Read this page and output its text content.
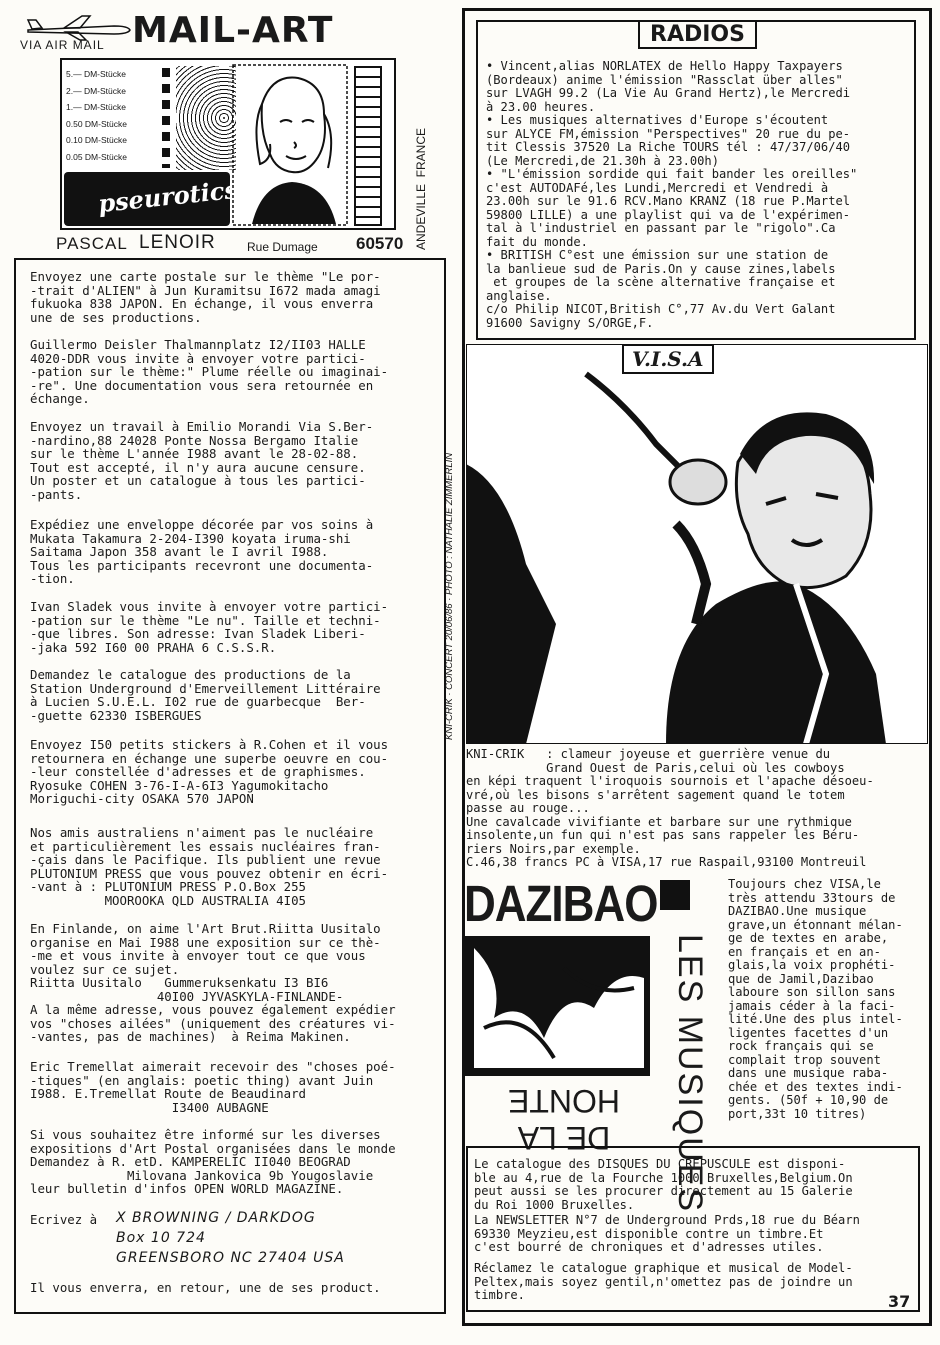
VIA AIR MAIL MAIL-ART
5.— DM-Stücke
2.— DM-Stücke
1.— DM-Stücke
0.50 DM-Stücke
0.10 DM-Stücke
0.05 DM-Stücke
pseurotics
FRANCE
ANDEVILLE
PASCAL LENOIR	Rue Dumage 60570
Envoyez une carte postale sur le thème "Le por-
-trait d'ALIEN" à Jun Kuramitsu I672 mada amagi
fukuoka 838 JAPON. En échange, il vous enverra
une de ses productions.
Guillermo Deisler Thalmannplatz I2/II03 HALLE
4020-DDR vous invite à envoyer votre partici-
-pation sur le thème:" Plume réelle ou imaginai-
-re". Une documentation vous sera retournée en
échange.
Envoyez un travail à Emilio Morandi Via S.Ber-
-nardino,88 24028 Ponte Nossa Bergamo Italie
sur le thème L'année I988 avant le 28-02-88.
Tout est accepté, il n'y aura aucune censure.
Un poster et un catalogue à tous les partici-
-pants.
Expédiez une enveloppe décorée par vos soins à
Mukata Takamura 2-204-I390 koyata iruma-shi
Saitama Japon 358 avant le I avril I988.
Tous les participants recevront une documenta-
-tion.
Ivan Sladek vous invite à envoyer votre partici-
-pation sur le thème "Le nu". Taille et techni-
-que libres. Son adresse: Ivan Sladek Liberi-
-jaka 592 I60 00 PRAHA 6 C.S.S.R.
Demandez le catalogue des productions de la
Station Underground d'Emerveillement Littéraire
à Lucien S.U.E.L. I02 rue de guarbecque  Ber-
-guette 62330 ISBERGUES
Envoyez I50 petits stickers à R.Cohen et il vous
retournera en échange une superbe oeuvre en cou-
-leur constellée d'adresses et de graphismes.
Ryosuke COHEN 3-76-I-A-6I3 Yagumokitacho
Moriguchi-city OSAKA 570 JAPON
Nos amis australiens n'aiment pas le nucléaire
et particulièrement les essais nucléaires fran-
-çais dans le Pacifique. Ils publient une revue
PLUTONIUM PRESS que vous pouvez obtenir en écri-
-vant à : PLUTONIUM PRESS P.O.Box 255
MOOROOKA QLD AUSTRALIA 4I05
En Finlande, on aime l'Art Brut.Riitta Uusitalo
organise en Mai I988 une exposition sur ce thè-
-me et vous invite à envoyer tout ce que vous
voulez sur ce sujet.
Riitta Uusitalo   Gummeruksenkatu I3 BI6
40I00 JYVASKYLA-FINLANDE-
A la même adresse, vous pouvez également expédier
vos "choses ailées" (uniquement des créatures vi-
-vantes, pas de machines)  à Reima Makinen.
Eric Tremellat aimerait recevoir des "choses poé-
-tiques" (en anglais: poetic thing) avant Juin
I988. E.Tremellat Route de Beaudinard
I3400 AUBAGNE
Si vous souhaitez être informé sur les diverses
expositions d'Art Postal organisées dans le monde
Demandez à R. etD. KAMPERELIC II040 BEOGRAD
Milovana Jankovica 9b Yougoslavie
leur bulletin d'infos OPEN WORLD MAGAZINE.
Ecrivez à X BROWNING / DARKDOG
Box 10 724
GREENSBORO NC 27404 USA
Il vous enverra, en retour, une de ses product.
RADIOS
• Vincent,alias NORLATEX de Hello Happy Taxpayers
(Bordeaux) anime l'émission "Rassclat über alles"
sur LVAGH 99.2 (La Vie Au Grand Hertz),le Mercredi
à 23.00 heures.
• Les musiques alternatives d'Europe s'écoutent
sur ALYCE FM,émission "Perspectives" 20 rue du pe-
tit Clessis 37520 La Riche TOURS tél : 47/37/06/40
(Le Mercredi,de 21.30h à 23.00h)
• "L'émission sordide qui fait bander les oreilles"
c'est AUTODAFé,les Lundi,Mercredi et Vendredi à
23.00h sur le 91.6 RCV.Mano KRANZ (18 rue P.Martel
59800 LILLE) a une playlist qui va de l'expérimen-
tal à l'industriel en passant par le "rigolo".Ca
fait du monde.
• BRITISH C°est une émission sur une station de
la banlieue sud de Paris.On y cause zines,labels
et groupes de la scène alternative française et
anglaise.
c/o Philip NICOT,British C°,77 Av.du Vert Galant
91600 Savigny S/ORGE,F.
KNI-CRIK · CONCERT 20/06/86 · PHOTO : NATHALIE ZIMMERLIN
V.I.S.A
KNI-CRIK   : clameur joyeuse et guerrière venue du
Grand Ouest de Paris,celui où les cowboys
en képi traquent l'iroquois sournois et l'apache désoeu-
vré,où les bisons s'arrêtent sagement quand le totem
passe au rouge...
Une cavalcade vivifiante et barbare sur une rythmique
insolente,un fun qui n'est pas sans rappeler les Béru-
riers Noirs,par exemple.
C.46,38 francs PC à VISA,17 rue Raspail,93100 Montreuil
DAZIBAO
LES MUSIQUES
DE LA HONTE
Toujours chez VISA,le
très attendu 33tours de
DAZIBAO.Une musique
grave,un étonnant mélan-
ge de textes en arabe,
en français et en an-
glais,la voix prophéti-
que de Jamil,Dazibao
laboure son sillon sans
jamais céder à la faci-
lité.Une des plus intel-
ligentes facettes d'un
rock français qui se
complait trop souvent
dans une musique raba-
chée et des textes indi-
gents. (50f + 10,90 de
port,33t 10 titres)
Le catalogue des DISQUES DU CREPUSCULE est disponi-
ble au 4,rue de la Fourche 1000 Bruxelles,Belgium.On
peut aussi se les procurer directement au 15 Galerie
du Roi 1000 Bruxelles.
La NEWSLETTER N°7 de Underground Prds,18 rue du Béarn
69330 Meyzieu,est disponible contre un timbre.Et
c'est bourré de chroniques et d'adresses utiles.
Réclamez le catalogue graphique et musical de Model-
Peltex,mais soyez gentil,n'omettez pas de joindre un
timbre.	37
